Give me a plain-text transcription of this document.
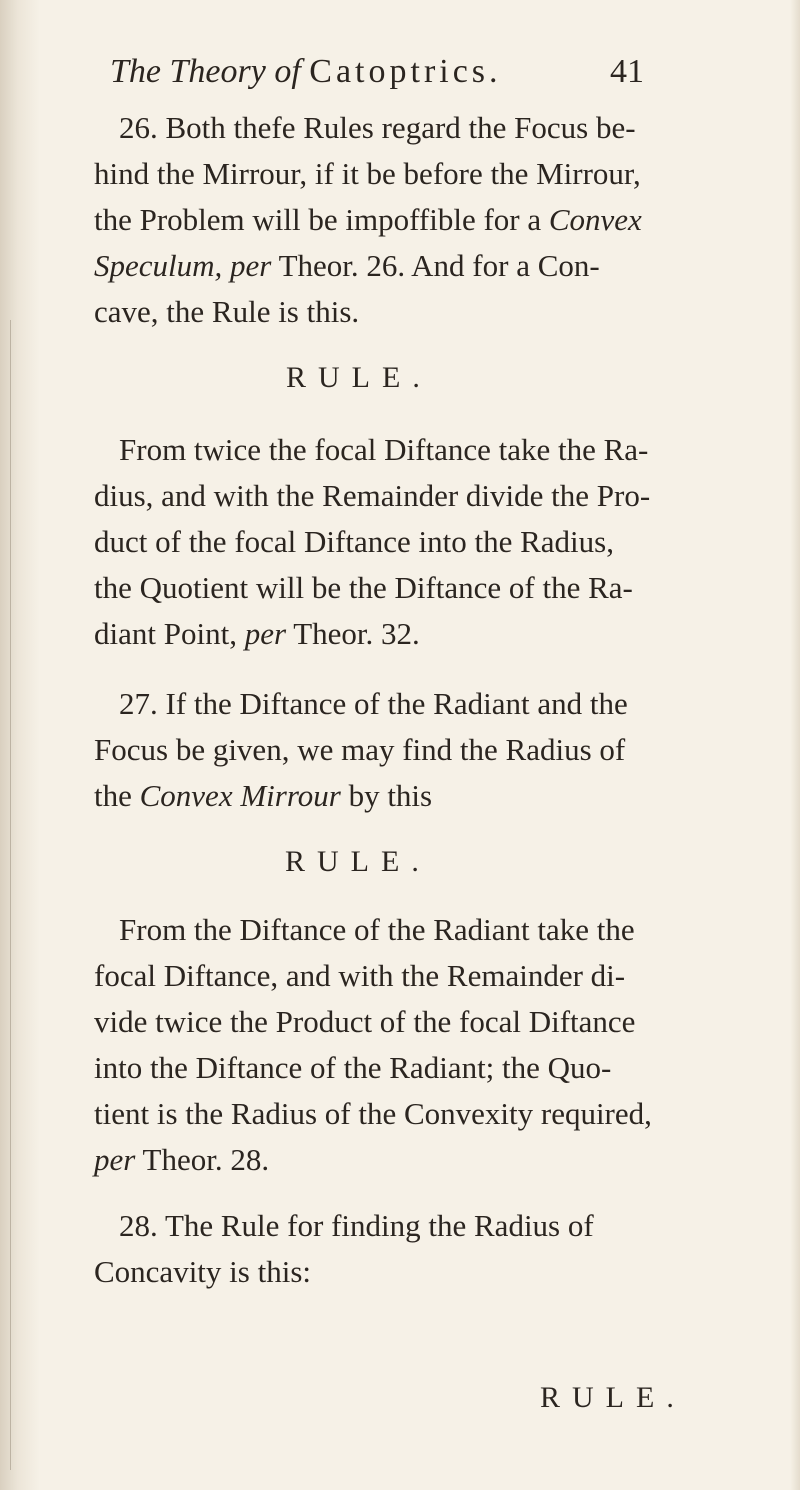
The Theory of Catoptrics.	41
26. Both thefe Rules regard the Focus be-
hind the Mirrour, if it be before the Mirrour,
the Problem will be impoffible for a Convex
Speculum, per Theor. 26. And for a Con-
cave, the Rule is this.
RULE.
From twice the focal Diftance take the Ra-
dius, and with the Remainder divide the Pro-
duct of the focal Diftance into the Radius,
the Quotient will be the Diftance of the Ra-
diant Point, per Theor. 32.
27. If the Diftance of the Radiant and the
Focus be given, we may find the Radius of
the Convex Mirrour by this
RULE.
From the Diftance of the Radiant take the
focal Diftance, and with the Remainder di-
vide twice the Product of the focal Diftance
into the Diftance of the Radiant; the Quo-
tient is the Radius of the Convexity required,
per Theor. 28.
28. The Rule for finding the Radius of
Concavity is this:
RULE.
